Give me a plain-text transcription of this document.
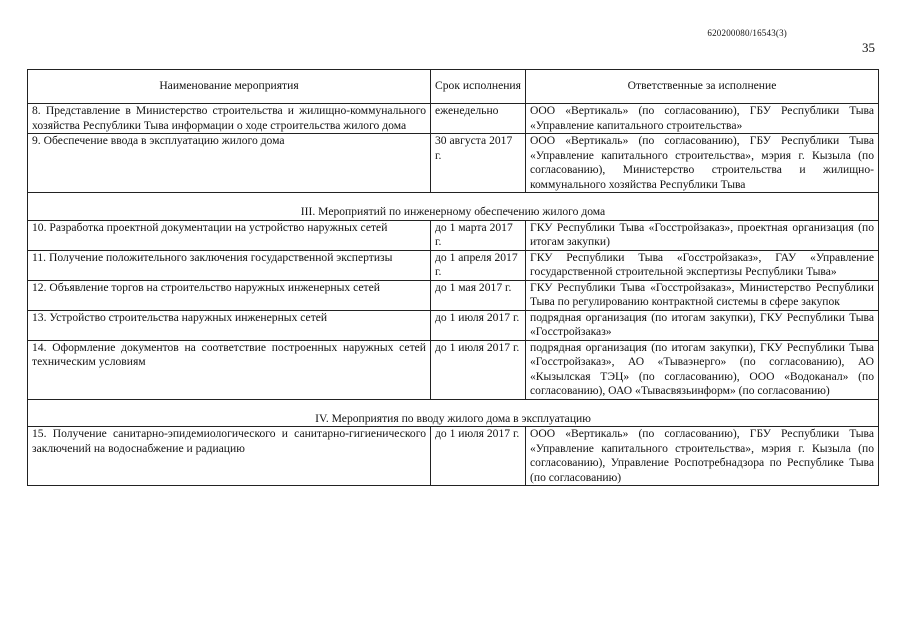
620200080/16543(3)
35
Наименование мероприятия	Срок исполнения	Ответственные за исполнение
8. Представление в Министерство строительства и жилищно-коммунального хозяйства Республики Тыва информации о ходе строительства жилого дома	еженедельно	ООО «Вертикаль» (по согласованию), ГБУ Республики Тыва «Управление капитального строительства»
9. Обеспечение ввода в эксплуатацию жилого дома	30 августа 2017 г.	ООО «Вертикаль» (по согласованию), ГБУ Республики Тыва «Управление капитального строительства», мэрия г. Кызыла (по согласованию), Министерство строительства и жилищно-коммунального хозяйства Республики Тыва
III. Мероприятий по инженерному обеспечению жилого дома		
10. Разработка проектной документации на устройство наружных сетей	до 1 марта 2017 г.	ГКУ Республики Тыва «Госстройзаказ», проектная организация (по итогам закупки)
11. Получение положительного заключения государственной экспертизы	до 1 апреля 2017 г.	ГКУ Республики Тыва «Госстройзаказ», ГАУ «Управление государственной строительной экспертизы Республики Тыва»
12. Объявление торгов на строительство наружных инженерных сетей	до 1 мая 2017 г.	ГКУ Республики Тыва «Госстройзаказ», Министерство Республики Тыва по регулированию контрактной системы в сфере закупок
13. Устройство строительства наружных инженерных сетей	до 1 июля 2017 г.	подрядная организация (по итогам закупки), ГКУ Республики Тыва «Госстройзаказ»
14. Оформление документов на соответствие построенных наружных сетей техническим условиям	до 1 июля 2017 г.	подрядная организация (по итогам закупки), ГКУ Республики Тыва «Госстройзаказ», АО «Тываэнерго» (по согласованию), АО «Кызылская ТЭЦ» (по согласованию), ООО «Водоканал» (по согласованию), ОАО «Тывасвязьинформ» (по согласованию)
IV. Мероприятия по вводу жилого дома в эксплуатацию		
15. Получение санитарно-эпидемиологического и санитарно-гигиенического заключений на водоснабжение и радиацию	до 1 июля 2017 г.	ООО «Вертикаль» (по согласованию), ГБУ Республики Тыва «Управление капитального строительства», мэрия г. Кызыла (по согласованию), Управление Роспотребнадзора по Республике Тыва (по согласованию)
